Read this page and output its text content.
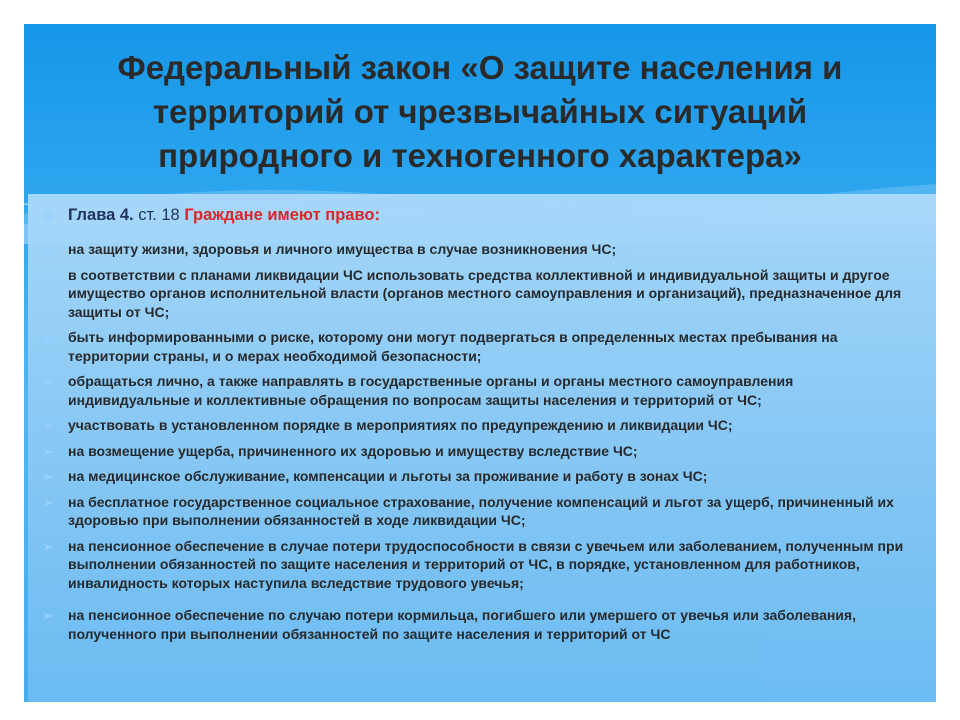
Федеральный закон «О защите населения и территорий от чрезвычайных ситуаций природного и техногенного характера»
✻ Глава 4. ст. 18 Граждане имеют право:
➢ на защиту жизни, здоровья и личного имущества в случае возникновения ЧС;
➢ в соответствии с планами ликвидации ЧС использовать средства коллективной и индивидуальной защиты и другое имущество органов исполнительной власти (органов местного самоуправления и организаций), предназначенное для защиты от ЧС;
➢ быть информированными о риске, которому они могут подвергаться в определенных местах пребывания на территории страны, и о мерах необходимой безопасности;
➢ обращаться лично, а также направлять в государственные органы и органы местного самоуправления индивидуальные и коллективные обращения по вопросам защиты населения и территорий от ЧС;
➢ участвовать в установленном порядке в мероприятиях по предупреждению и ликвидации ЧС;
➢ на возмещение ущерба, причиненного их здоровью и имуществу вследствие ЧС;
➢ на медицинское обслуживание, компенсации и льготы за проживание и работу в зонах ЧС;
➢ на бесплатное государственное социальное страхование, получение компенсаций и льгот за ущерб, причиненный их здоровью при выполнении обязанностей в ходе ликвидации ЧС;
➢ на пенсионное обеспечение в случае потери трудоспособности в связи с увечьем или заболеванием, полученным при выполнении обязанностей по защите населения и территорий от ЧС, в порядке, установленном для работников, инвалидность которых наступила вследствие трудового увечья;
➢ на пенсионное обеспечение по случаю потери кормильца, погибшего или умершего от увечья или заболевания, полученного при выполнении обязанностей по защите населения и территорий от ЧС
